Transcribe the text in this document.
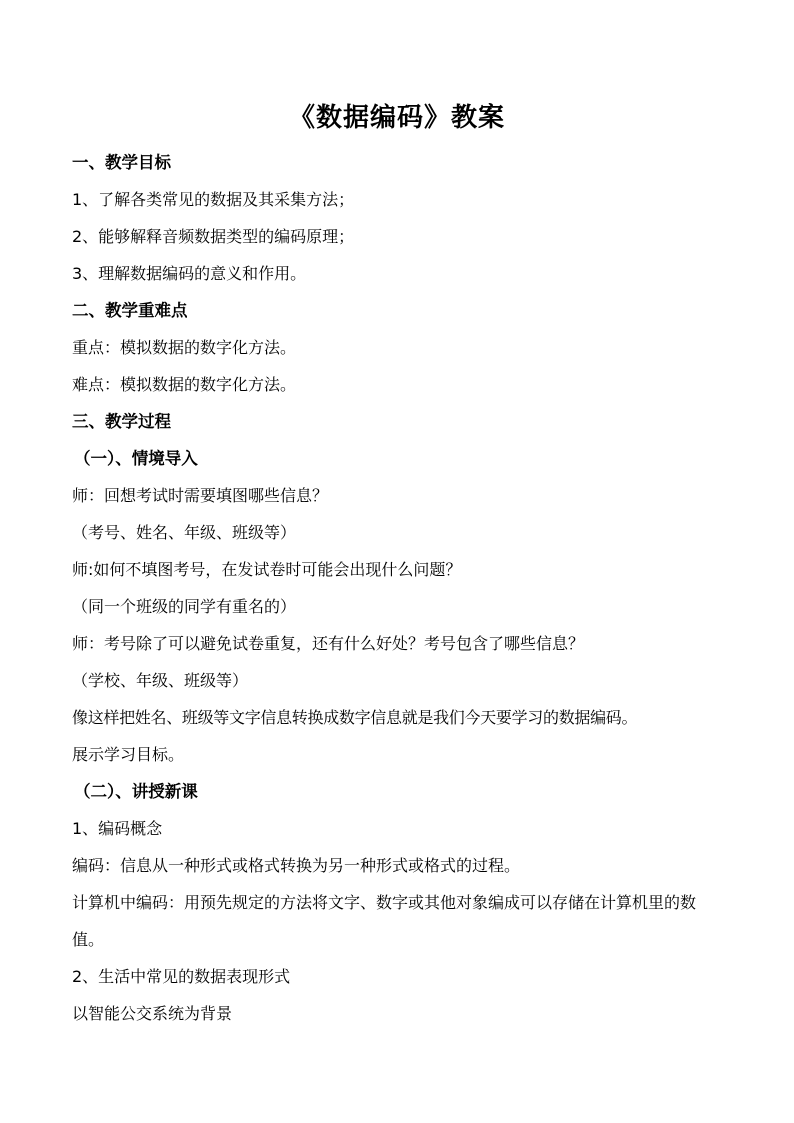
《数据编码》教案
一、教学目标
1、了解各类常见的数据及其采集方法；
2、能够解释音频数据类型的编码原理；
3、理解数据编码的意义和作用。
二、教学重难点
重点：模拟数据的数字化方法。
难点：模拟数据的数字化方法。
三、教学过程
（一）、情境导入
师：回想考试时需要填图哪些信息？
（考号、姓名、年级、班级等）
师:如何不填图考号，在发试卷时可能会出现什么问题？
（同一个班级的同学有重名的）
师：考号除了可以避免试卷重复，还有什么好处？考号包含了哪些信息？
（学校、年级、班级等）
像这样把姓名、班级等文字信息转换成数字信息就是我们今天要学习的数据编码。
展示学习目标。
（二）、讲授新课
1、编码概念
编码：信息从一种形式或格式转换为另一种形式或格式的过程。
计算机中编码：用预先规定的方法将文字、数字或其他对象编成可以存储在计算机里的数值。
2、生活中常见的数据表现形式
以智能公交系统为背景
